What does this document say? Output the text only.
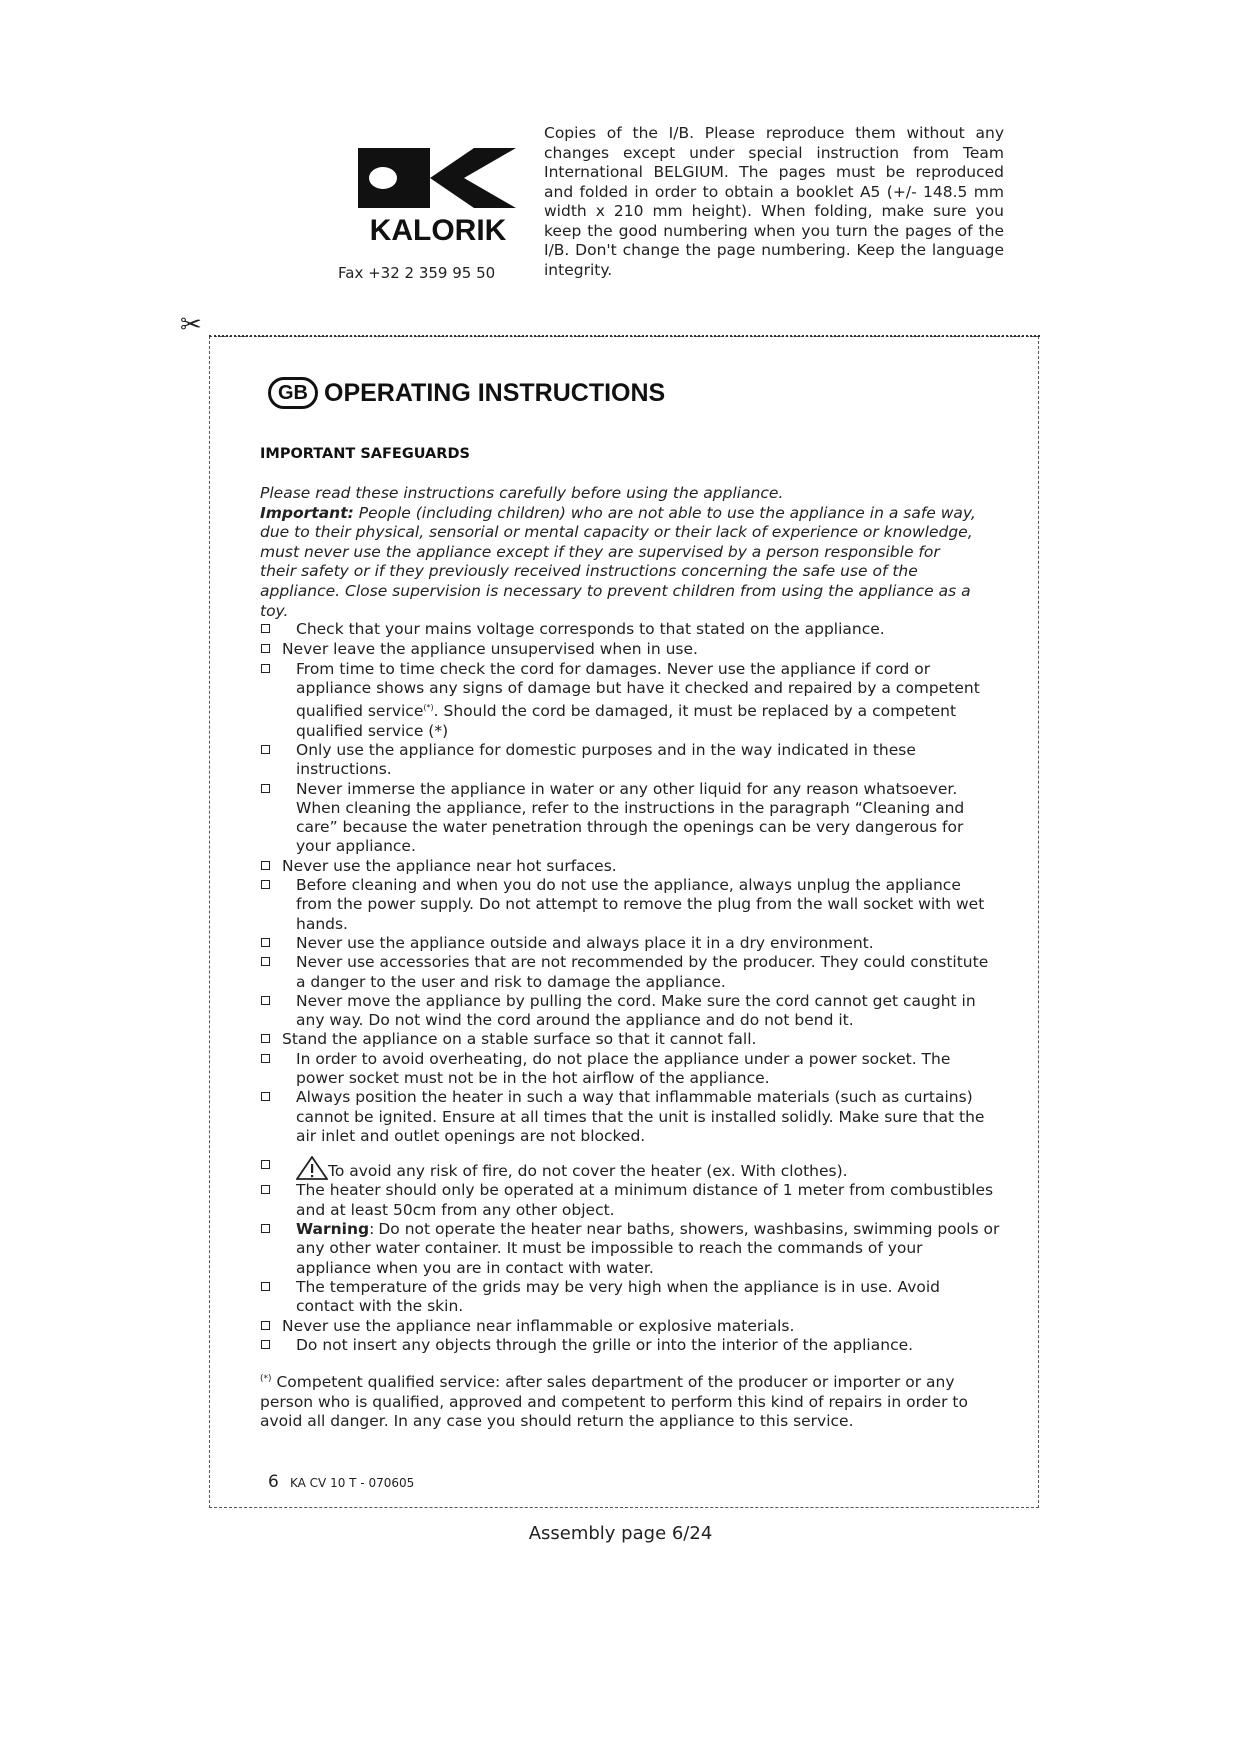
KALORIK
Fax +32 2 359 95 50
Copies of the I/B. Please reproduce them without any changes except under special instruction from Team International BELGIUM. The pages must be reproduced and folded in order to obtain a booklet A5 (+/- 148.5 mm width x 210 mm height). When folding, make sure you keep the good numbering when you turn the pages of the I/B. Don't change the page numbering. Keep the language integrity.
✂
GB OPERATING INSTRUCTIONS
IMPORTANT SAFEGUARDS

Please read these instructions carefully before using the appliance.

Important: People (including children) who are not able to use the appliance in a safe way, due to their physical, sensorial or mental capacity or their lack of experience or knowledge, must never use the appliance except if they are supervised by a person responsible for their safety or if they previously received instructions concerning the safe use of the appliance. Close supervision is necessary to prevent children from using the appliance as a toy.

Check that your mains voltage corresponds to that stated on the appliance.
Never leave the appliance unsupervised when in use.
From time to time check the cord for damages. Never use the appliance if cord or appliance shows any signs of damage but have it checked and repaired by a competent qualified service(*). Should the cord be damaged, it must be replaced by a competent qualified service (*)
Only use the appliance for domestic purposes and in the way indicated in these instructions.
Never immerse the appliance in water or any other liquid for any reason whatsoever. When cleaning the appliance, refer to the instructions in the paragraph “Cleaning and care” because the water penetration through the openings can be very dangerous for your appliance.
Never use the appliance near hot surfaces.
Before cleaning and when you do not use the appliance, always unplug the appliance from the power supply. Do not attempt to remove the plug from the wall socket with wet hands.
Never use the appliance outside and always place it in a dry environment.
Never use accessories that are not recommended by the producer. They could constitute a danger to the user and risk to damage the appliance.
Never move the appliance by pulling the cord. Make sure the cord cannot get caught in any way. Do not wind the cord around the appliance and do not bend it.
Stand the appliance on a stable surface so that it cannot fall.
In order to avoid overheating, do not place the appliance under a power socket. The power socket must not be in the hot airflow of the appliance.
Always position the heater in such a way that inflammable materials (such as curtains) cannot be ignited. Ensure at all times that the unit is installed solidly. Make sure that the air inlet and outlet openings are not blocked.
To avoid any risk of fire, do not cover the heater (ex. With clothes).
The heater should only be operated at a minimum distance of 1 meter from combustibles and at least 50cm from any other object.
Warning: Do not operate the heater near baths, showers, washbasins, swimming pools or any other water container. It must be impossible to reach the commands of your appliance when you are in contact with water.
The temperature of the grids may be very high when the appliance is in use. Avoid contact with the skin.
Never use the appliance near inflammable or explosive materials.
Do not insert any objects through the grille or into the interior of the appliance.
(*) Competent qualified service: after sales department of the producer or importer or any person who is qualified, approved and competent to perform this kind of repairs in order to avoid all danger. In any case you should return the appliance to this service.
6 KA CV 10 T - 070605
Assembly page 6/24
